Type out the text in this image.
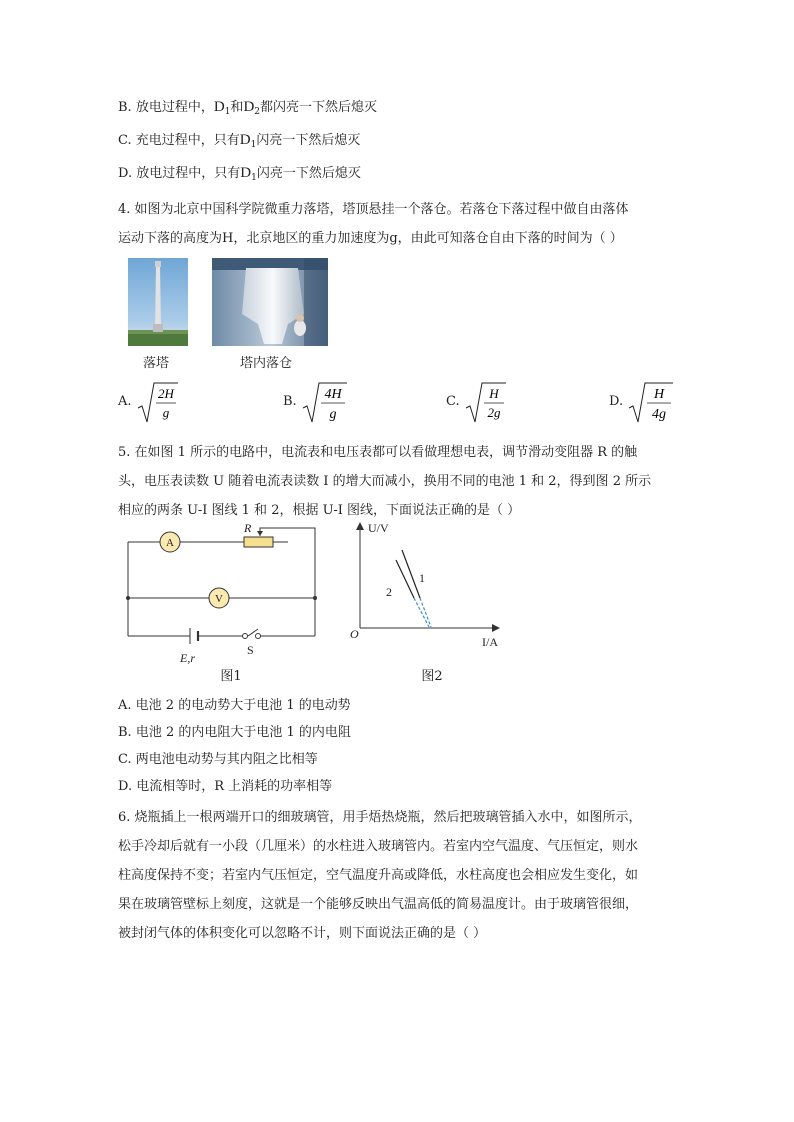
B. 放电过程中，$D_1$和$D_2$都闪亮一下然后熄灭
C. 充电过程中，只有$D_1$闪亮一下然后熄灭
D. 放电过程中，只有$D_1$闪亮一下然后熄灭
4. 如图为北京中国科学院微重力落塔，塔顶悬挂一个落仓。若落仓下落过程中做自由落体
运动下落的高度为H，北京地区的重力加速度为g，由此可知落仓自由下落的时间为（ ）
落塔	塔内落仓
A.
2H
g
B. 4H
g
C.
H
2g
D. H
4g
5. 在如图 1 所示的电路中，电流表和电压表都可以看做理想电表，调节滑动变阻器 R 的触
头，电压表读数 U 随着电流表读数 I 的增大而减小，换用不同的电池 1 和 2，得到图 2 所示
相应的两条 U-I 图线 1 和 2，根据 U-I 图线，下面说法正确的是（ ）
A
R
V
E,r
S
图1
U/V
I/A
O
1
2
图2
A. 电池 2 的电动势大于电池 1 的电动势
B. 电池 2 的内电阻大于电池 1 的内电阻
C. 两电池电动势与其内阻之比相等
D. 电流相等时，R 上消耗的功率相等
6. 烧瓶插上一根两端开口的细玻璃管，用手焐热烧瓶，然后把玻璃管插入水中，如图所示，
松手冷却后就有一小段（几厘米）的水柱进入玻璃管内。若室内空气温度、气压恒定，则水
柱高度保持不变；若室内气压恒定，空气温度升高或降低，水柱高度也会相应发生变化，如
果在玻璃管壁标上刻度，这就是一个能够反映出气温高低的简易温度计。由于玻璃管很细，
被封闭气体的体积变化可以忽略不计，则下面说法正确的是（ ）
